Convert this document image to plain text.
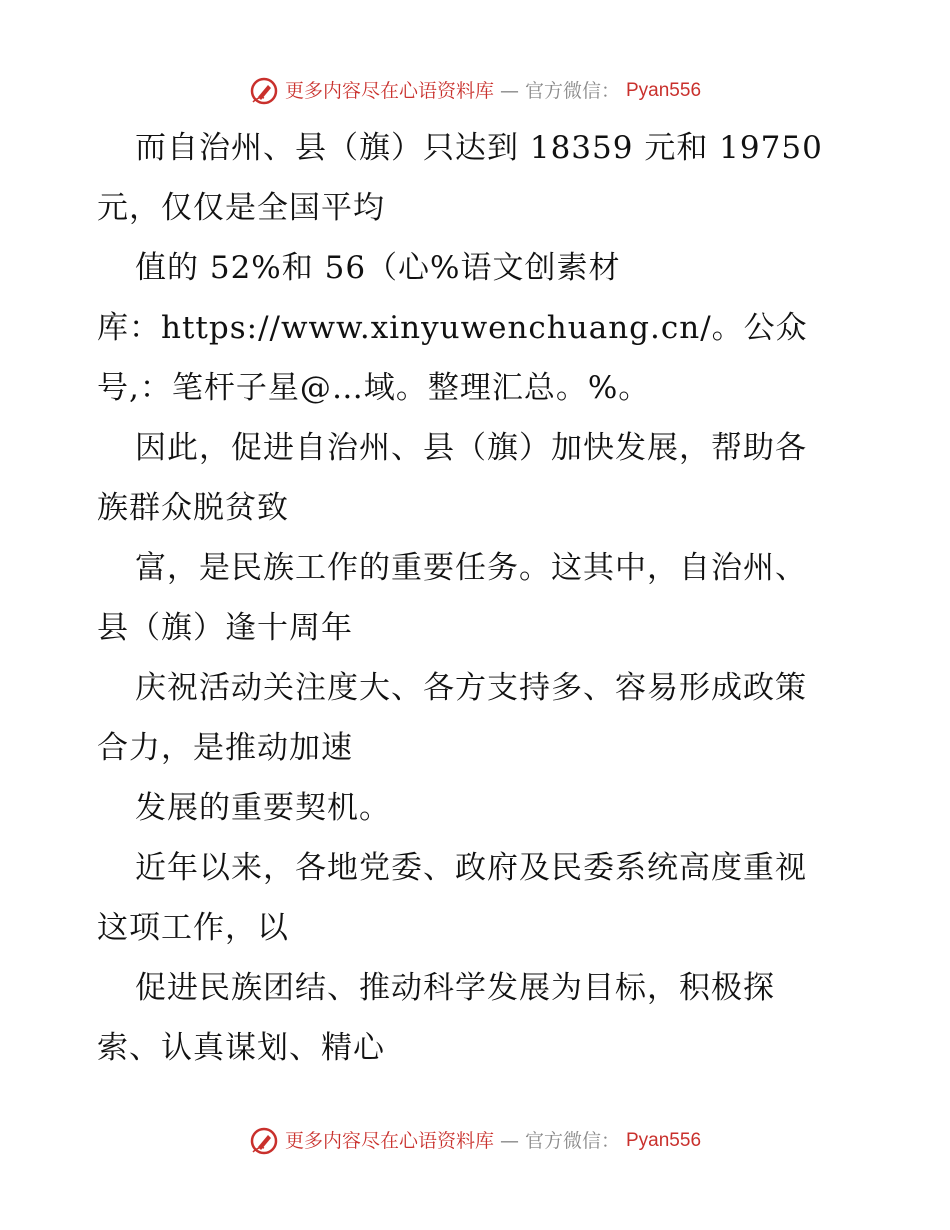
更多内容尽在心语资料库 — 官方微信： Pyan556

而自治州、县（旗）只达到 18359 元和 19750

元，仅仅是全国平均

值的 52%和 56（心%语文创素材

库：https://www.xinyuwenchuang.cn/。公众

号,：笔杆子星@…域。整理汇总。%。

因此，促进自治州、县（旗）加快发展，帮助各

族群众脱贫致

富，是民族工作的重要任务。这其中，自治州、

县（旗）逢十周年

庆祝活动关注度大、各方支持多、容易形成政策

合力，是推动加速

发展的重要契机。

近年以来，各地党委、政府及民委系统高度重视

这项工作，以

促进民族团结、推动科学发展为目标，积极探

索、认真谋划、精心

更多内容尽在心语资料库 — 官方微信： Pyan556
